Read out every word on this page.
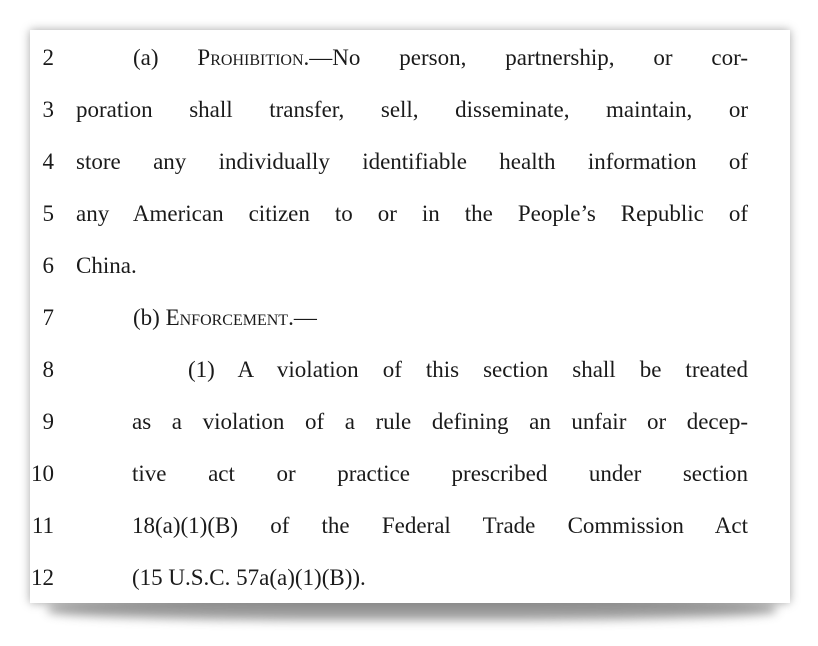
2	(a) Prohibition.—No person, partnership, or cor-
3 poration shall transfer, sell, disseminate, maintain, or
4 store any individually identifiable health information of
5 any American citizen to or in the People’s Republic of
6 China.
7	(b) Enforcement.—
8	(1) A violation of this section shall be treated
9	as a violation of a rule defining an unfair or decep-
10	tive act or practice prescribed under section
11	18(a)(1)(B) of the Federal Trade Commission Act
12	(15 U.S.C. 57a(a)(1)(B)).
